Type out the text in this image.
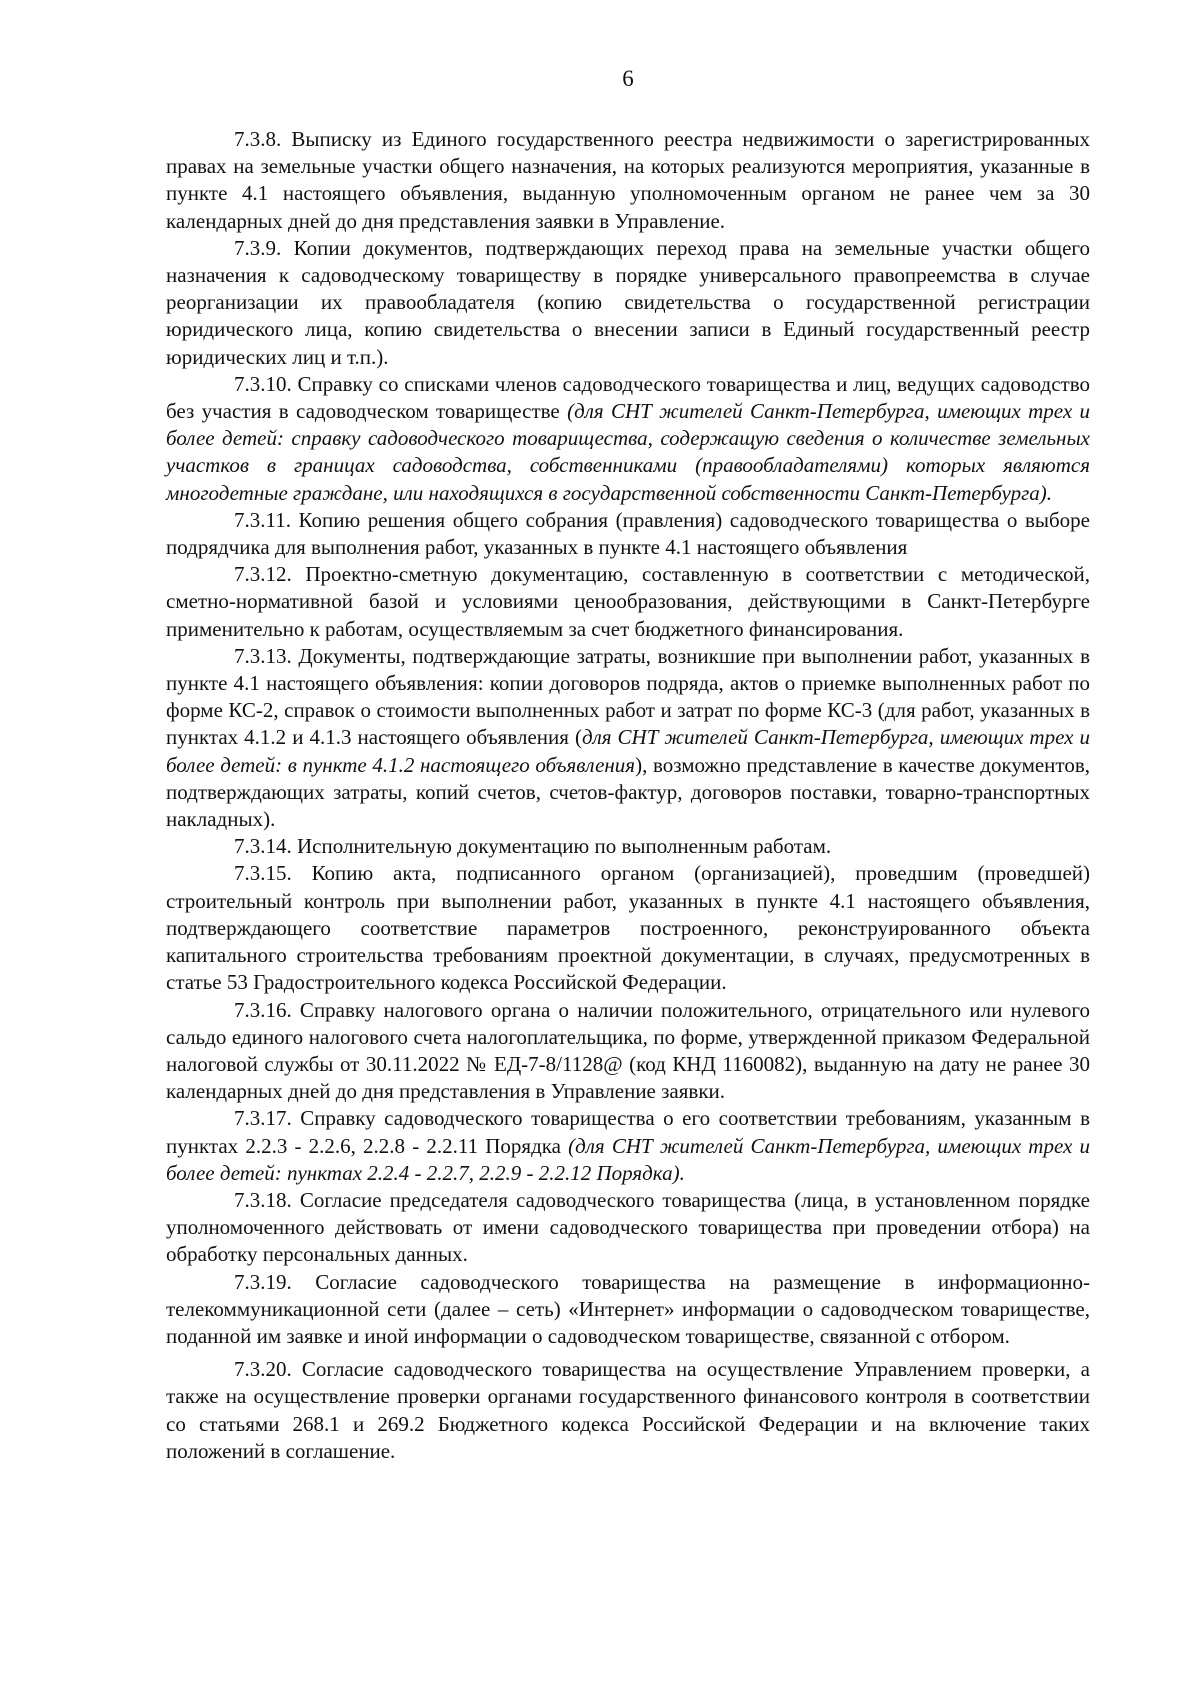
6

7.3.8. Выписку из Единого государственного реестра недвижимости о зарегистрированных правах на земельные участки общего назначения, на которых реализуются мероприятия, указанные в пункте 4.1 настоящего объявления, выданную уполномоченным органом не ранее чем за 30 календарных дней до дня представления заявки в Управление.

7.3.9. Копии документов, подтверждающих переход права на земельные участки общего назначения к садоводческому товариществу в порядке универсального правопреемства в случае реорганизации их правообладателя (копию свидетельства о государственной регистрации юридического лица, копию свидетельства о внесении записи в Единый государственный реестр юридических лиц и т.п.).

7.3.10. Справку со списками членов садоводческого товарищества и лиц, ведущих садоводство без участия в садоводческом товариществе (для СНТ жителей Санкт-Петербурга, имеющих трех и более детей: справку садоводческого товарищества, содержащую сведения о количестве земельных участков в границах садоводства, собственниками (правообладателями) которых являются многодетные граждане, или находящихся в государственной собственности Санкт-Петербурга).

7.3.11. Копию решения общего собрания (правления) садоводческого товарищества о выборе подрядчика для выполнения работ, указанных в пункте 4.1 настоящего объявления

7.3.12. Проектно-сметную документацию, составленную в соответствии с методической, сметно-нормативной базой и условиями ценообразования, действующими в Санкт-Петербурге применительно к работам, осуществляемым за счет бюджетного финансирования.

7.3.13. Документы, подтверждающие затраты, возникшие при выполнении работ, указанных в пункте 4.1 настоящего объявления: копии договоров подряда, актов о приемке выполненных работ по форме КС-2, справок о стоимости выполненных работ и затрат по форме КС-3 (для работ, указанных в пунктах 4.1.2 и 4.1.3 настоящего объявления (для СНТ жителей Санкт-Петербурга, имеющих трех и более детей: в пункте 4.1.2 настоящего объявления), возможно представление в качестве документов, подтверждающих затраты, копий счетов, счетов-фактур, договоров поставки, товарно-транспортных накладных).

7.3.14. Исполнительную документацию по выполненным работам.

7.3.15. Копию акта, подписанного органом (организацией), проведшим (проведшей) строительный контроль при выполнении работ, указанных в пункте 4.1 настоящего объявления, подтверждающего соответствие параметров построенного, реконструированного объекта капитального строительства требованиям проектной документации, в случаях, предусмотренных в статье 53 Градостроительного кодекса Российской Федерации.

7.3.16. Справку налогового органа о наличии положительного, отрицательного или нулевого сальдо единого налогового счета налогоплательщика, по форме, утвержденной приказом Федеральной налоговой службы от 30.11.2022 № ЕД-7-8/1128@ (код КНД 1160082), выданную на дату не ранее 30 календарных дней до дня представления в Управление заявки.

7.3.17. Справку садоводческого товарищества о его соответствии требованиям, указанным в пунктах 2.2.3 - 2.2.6, 2.2.8 - 2.2.11 Порядка (для СНТ жителей Санкт-Петербурга, имеющих трех и более детей: пунктах 2.2.4 - 2.2.7, 2.2.9 - 2.2.12 Порядка).

7.3.18. Согласие председателя садоводческого товарищества (лица, в установленном порядке уполномоченного действовать от имени садоводческого товарищества при проведении отбора) на обработку персональных данных.

7.3.19. Согласие садоводческого товарищества на размещение в информационно-телекоммуникационной сети (далее – сеть) «Интернет» информации о садоводческом товариществе, поданной им заявке и иной информации о садоводческом товариществе, связанной с отбором.

7.3.20. Согласие садоводческого товарищества на осуществление Управлением проверки, а также на осуществление проверки органами государственного финансового контроля в соответствии со статьями 268.1 и 269.2 Бюджетного кодекса Российской Федерации и на включение таких положений в соглашение.
